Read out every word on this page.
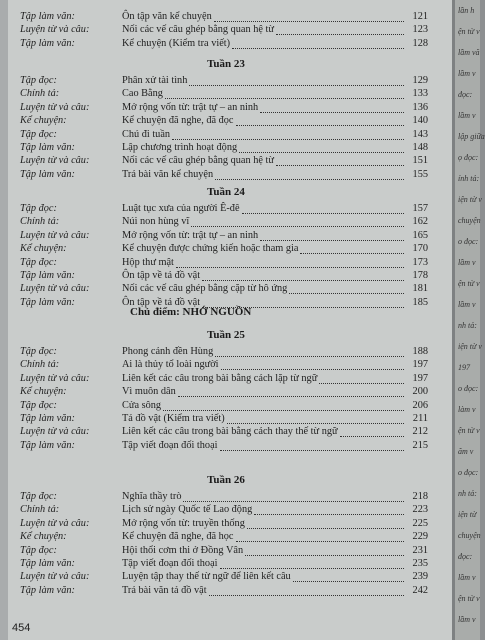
Tập làm văn:	Ôn tập văn kể chuyện	121
Luyện từ và câu:	Nối các vế câu ghép bằng quan hệ từ	123
Tập làm văn:	Kể chuyện (Kiểm tra viết)	128
Tuần 23
Tập đọc:	Phân xử tài tình	129
Chính tả:	Cao Bằng	133
Luyện từ và câu:	Mở rộng vốn từ: trật tự – an ninh	136
Kể chuyện:	Kể chuyện đã nghe, đã đọc	140
Tập đọc:	Chú đi tuần	143
Tập làm văn:	Lập chương trình hoạt động	148
Luyện từ và câu:	Nối các vế câu ghép bằng quan hệ từ	151
Tập làm văn:	Trả bài văn kể chuyện	155
Tuần 24
Tập đọc:	Luật tục xưa của người Ê-đê	157
Chính tả:	Núi non hùng vĩ	162
Luyện từ và câu:	Mở rộng vốn từ: trật tự – an ninh	165
Kể chuyện:	Kể chuyện được chứng kiến hoặc tham gia	170
Tập đọc:	Hộp thư mật	173
Tập làm văn:	Ôn tập về tả đồ vật	178
Luyện từ và câu:	Nối các vế câu ghép bằng cặp từ hô ứng	181
Tập làm văn:	Ôn tập về tả đồ vật	185
Chủ điểm: NHỚ NGUỒN
Tuần 25
Tập đọc:	Phong cảnh đền Hùng	188
Chính tả:	Ai là thủy tổ loài người	197
Luyện từ và câu:	Liên kết các câu trong bài bằng cách lặp từ ngữ	197
Kể chuyện:	Vì muôn dân	200
Tập đọc:	Cửa sông	206
Tập làm văn:	Tả đồ vật (Kiểm tra viết)	211
Luyện từ và câu:	Liên kết các câu trong bài bằng cách thay thế từ ngữ	212
Tập làm văn:	Tập viết đoạn đối thoại	215
Tuần 26
Tập đọc:	Nghĩa thầy trò	218
Chính tả:	Lịch sử ngày Quốc tế Lao động	223
Luyện từ và câu:	Mở rộng vốn từ: truyền thống	225
Kể chuyện:	Kể chuyện đã nghe, đã học	229
Tập đọc:	Hội thổi cơm thi ở Đồng Vân	231
Tập làm văn:	Tập viết đoạn đối thoại	235
Luyện từ và câu:	Luyện tập thay thế từ ngữ để liên kết câu	239
Tập làm văn:	Trả bài văn tả đồ vật	242
454
lần h
ện từ v
lầm vă
lầm v
đọc:
lầm v
lập giữa
ọ đọc:
ính tả:
iện từ v
chuyện
o đọc:
lầm v
ện từ v
lầm v
nh tả:
iện từ v
197
o đọc:
làm v
ện từ v
ãm v
o đọc:
nh tả:
iện từ
chuyện
đọc:
lầm v
ện từ v
lầm v
